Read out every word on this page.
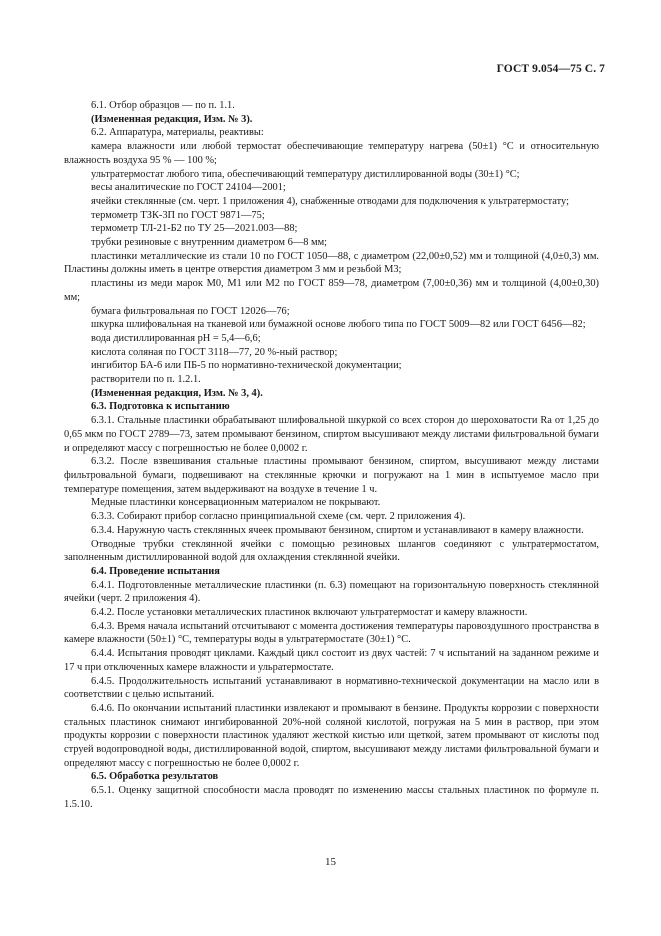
ГОСТ 9.054—75 С. 7

6.1. Отбор образцов — по п. 1.1.

(Измененная редакция, Изм. № 3).

6.2. Аппаратура, материалы, реактивы:

камера влажности или любой термостат обеспечивающие температуру нагрева (50±1) °С и относительную влажность воздуха 95 % — 100 %;

ультратермостат любого типа, обеспечивающий температуру дистиллированной воды (30±1) °С;

весы аналитические по ГОСТ 24104—2001;

ячейки стеклянные (см. черт. 1 приложения 4), снабженные отводами для подключения к ультратермостату;

термометр ТЗК-3П по ГОСТ 9871—75;

термометр ТЛ-21-Б2 по ТУ 25—2021.003—88;

трубки резиновые с внутренним диаметром 6—8 мм;

пластинки металлические из стали 10 по ГОСТ 1050—88, с диаметром (22,00±0,52) мм и толщиной (4,0±0,3) мм. Пластины должны иметь в центре отверстия диаметром 3 мм и резьбой М3;

пластины из меди марок М0, М1 или М2 по ГОСТ 859—78, диаметром (7,00±0,36) мм и толщиной (4,00±0,30) мм;

бумага фильтровальная по ГОСТ 12026—76;

шкурка шлифовальная на тканевой или бумажной основе любого типа по ГОСТ 5009—82 или ГОСТ 6456—82;

вода дистиллированная рН = 5,4—6,6;

кислота соляная по ГОСТ 3118—77, 20 %-ный раствор;

ингибитор БА-6 или ПБ-5 по нормативно-технической документации;

растворители по п. 1.2.1.

(Измененная редакция, Изм. № 3, 4).

6.3. Подготовка к испытанию

6.3.1. Стальные пластинки обрабатывают шлифовальной шкуркой со всех сторон до шероховатости Ra от 1,25 до 0,65 мкм по ГОСТ 2789—73, затем промывают бензином, спиртом высушивают между листами фильтровальной бумаги и определяют массу с погрешностью не более 0,0002 г.

6.3.2. После взвешивания стальные пластины промывают бензином, спиртом, высушивают между листами фильтровальной бумаги, подвешивают на стеклянные крючки и погружают на 1 мин в испытуемое масло при температуре помещения, затем выдерживают на воздухе в течение 1 ч.

Медные пластинки консервационным материалом не покрывают.

6.3.3. Собирают прибор согласно принципиальной схеме (см. черт. 2 приложения 4).

6.3.4. Наружную часть стеклянных ячеек промывают бензином, спиртом и устанавливают в камеру влажности.

Отводные трубки стеклянной ячейки с помощью резиновых шлангов соединяют с ультратермостатом, заполненным дистиллированной водой для охлаждения стеклянной ячейки.

6.4. Проведение испытания

6.4.1. Подготовленные металлические пластинки (п. 6.3) помещают на горизонтальную поверхность стеклянной ячейки (черт. 2 приложения 4).

6.4.2. После установки металлических пластинок включают ультратермостат и камеру влажности.

6.4.3. Время начала испытаний отсчитывают с момента достижения температуры паровоздушного пространства в камере влажности (50±1) °С, температуры воды в ультратермостате (30±1) °С.

6.4.4. Испытания проводят циклами. Каждый цикл состоит из двух частей: 7 ч испытаний на заданном режиме и 17 ч при отключенных камере влажности и ульратермостате.

6.4.5. Продолжительность испытаний устанавливают в нормативно-технической документации на масло или в соответствии с целью испытаний.

6.4.6. По окончании испытаний пластинки извлекают и промывают в бензине. Продукты коррозии с поверхности стальных пластинок снимают ингибированной 20%-ной соляной кислотой, погружая на 5 мин в раствор, при этом продукты коррозии с поверхности пластинок удаляют жесткой кистью или щеткой, затем промывают от кислоты под струей водопроводной воды, дистиллированной водой, спиртом, высушивают между листами фильтровальной бумаги и определяют массу с погрешностью не более 0,0002 г.

6.5. Обработка результатов

6.5.1. Оценку защитной способности масла проводят по изменению массы стальных пластинок по формуле п. 1.5.10.

15
